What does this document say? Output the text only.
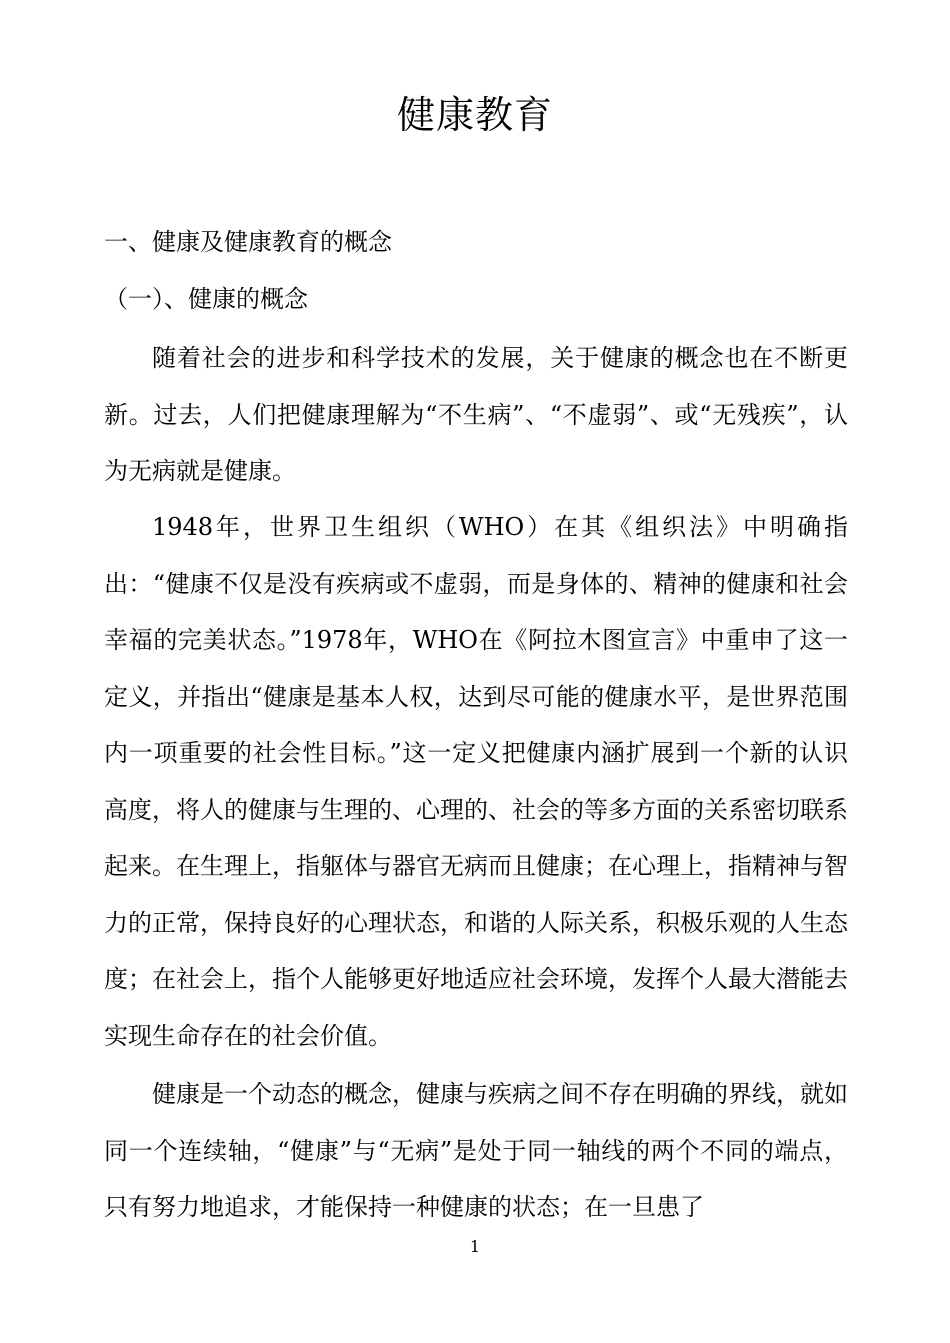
健康教育
一、健康及健康教育的概念
（一）、健康的概念

随着社会的进步和科学技术的发展，关于健康的概念也在不断更新。过去，人们把健康理解为“不生病”、“不虚弱”、或“无残疾”，认为无病就是健康。

1948年，世界卫生组织（WHO）在其《组织法》中明确指出：“健康不仅是没有疾病或不虚弱，而是身体的、精神的健康和社会幸福的完美状态。”1978年，WHO在《阿拉木图宣言》中重申了这一定义，并指出“健康是基本人权，达到尽可能的健康水平，是世界范围内一项重要的社会性目标。”这一定义把健康内涵扩展到一个新的认识高度，将人的健康与生理的、心理的、社会的等多方面的关系密切联系起来。在生理上，指躯体与器官无病而且健康；在心理上，指精神与智力的正常，保持良好的心理状态，和谐的人际关系，积极乐观的人生态度；在社会上，指个人能够更好地适应社会环境，发挥个人最大潜能去实现生命存在的社会价值。

健康是一个动态的概念，健康与疾病之间不存在明确的界线，就如同一个连续轴，“健康”与“无病”是处于同一轴线的两个不同的端点，只有努力地追求，才能保持一种健康的状态；在一旦患了

1
